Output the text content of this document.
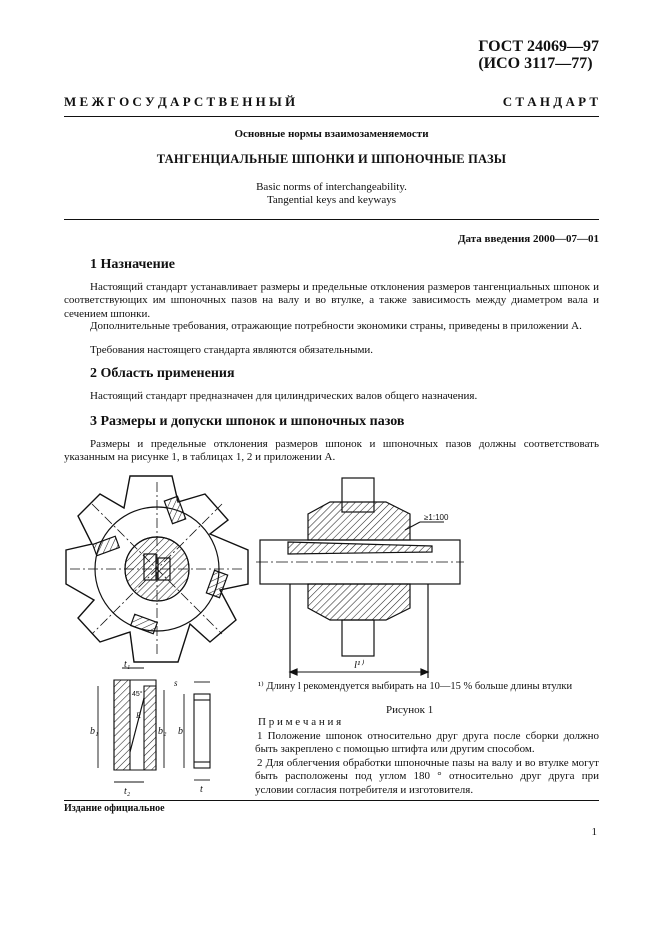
ГОСТ 24069—97
(ИСО 3117—77)
М Е Ж Г О С У Д А Р С Т В Е Н Н Ы Й	С Т А Н Д А Р Т
Основные нормы взаимозаменяемости
ТАНГЕНЦИАЛЬНЫЕ ШПОНКИ И ШПОНОЧНЫЕ ПАЗЫ
Basic norms of interchangeability.
Tangential keys and keyways
Дата введения 2000—07—01
1 Назначение
Настоящий стандарт устанавливает размеры и предельные отклонения размеров тангенциальных шпонок и соответствующих им шпоночных пазов на валу и во втулке, а также зависимость между диаметром вала и сечением шпонки.
Дополнительные требования, отражающие потребности экономики страны, приведены в приложении А.
Требования настоящего стандарта являются обязательными.
2 Область применения
Настоящий стандарт предназначен для цилиндрических валов общего назначения.
3 Размеры и допуски шпонок и шпоночных пазов
Размеры и предельные отклонения размеров шпонок и шпоночных пазов должны соответствовать указанным на рисунке 1, в таблицах 1, 2 и приложении А.
≥1:100
l¹⁾
t₁
t₂
b₁	b₂
45°
R
s
b
t
¹⁾ Длину l рекомендуется выбирать на 10—15 % больше длины втулки
Рисунок 1
П р и м е ч а н и я
1 Положение шпонок относительно друг друга после сборки должно быть закреплено с помощью штифта или другим способом.
2 Для облегчения обработки шпоночные пазы на валу и во втулке могут быть расположены под углом 180 ° относительно друг друга при условии согласия потребителя и изготовителя.
Издание официальное
1
